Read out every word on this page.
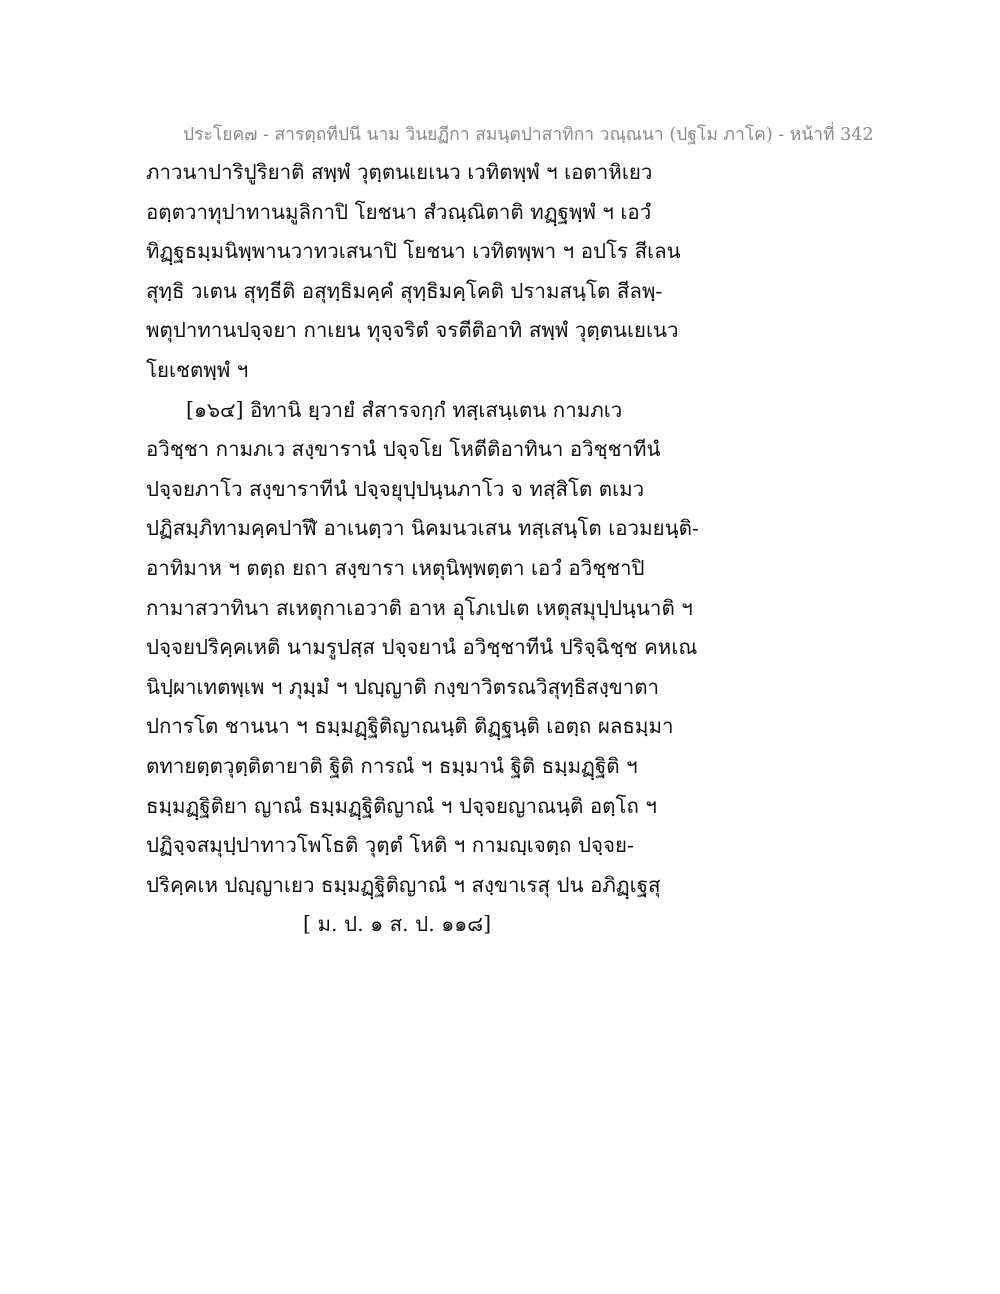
ประโยค๗ - สารตฺถทีปนี นาม วินยฏีกา สมนฺตปาสาทิกา วณฺณนา (ปฐโม ภาโค) - หน้าที่ 342
ภาวนาปาริปูริยาติ สพฺพํ วุตฺตนเยเนว เวทิตพฺพํ ฯ เอตาหิเยว
อตฺตวาทุปาทานมูลิกาปิ โยชนา สํวณฺณิตาติ ทฏฺฐพฺพํ ฯ เอวํ
ทิฏฺฐธมฺมนิพฺพานวาทวเสนาปิ โยชนา เวทิตพฺพา ฯ อปโร สีเลน
สุทฺธิ วเตน สุทฺธีติ อสุทฺธิมคฺคํ สุทฺธิมคฺโคติ ปรามสนฺโต สีลพฺ-
พตุปาทานปจฺจยา กาเยน ทุจฺจริตํ จรตีติอาทิ สพฺพํ วุตฺตนเยเนว
โยเชตพฺพํ ฯ
[๑๖๔] อิทานิ ยฺวายํ สํสารจกฺกํ ทสฺเสนฺเตน กามภเว
อวิชฺชา กามภเว สงฺขารานํ ปจฺจโย โหตีติอาทินา อวิชฺชาทีนํ
ปจฺจยภาโว สงฺขาราทีนํ ปจฺจยุปฺปนฺนภาโว จ ทสฺสิโต ตเมว
ปฏิสมฺภิทามคฺคปาฬึ อาเนตฺวา นิคมนวเสน ทสฺเสนฺโต เอวมยนฺติ-
อาทิมาห ฯ ตตฺถ ยถา สงฺขารา เหตุนิพฺพตฺตา เอวํ อวิชฺชาปิ
กามาสวาทินา สเหตุกาเอวาติ อาห อุโภเปเต เหตุสมุปฺปนฺนาติ ฯ
ปจฺจยปริคฺคเหติ นามรูปสฺส ปจฺจยานํ อวิชฺชาทีนํ ปริจฺฉิชฺช คหเณ
นิปฺผาเทตพฺเพ ฯ ภุมฺมํ ฯ ปญฺญาติ กงฺขาวิตรณวิสุทฺธิสงฺขาตา
ปการโต ชานนา ฯ ธมฺมฏฺฐิติญาณนฺติ ติฏฺฐนฺติ เอตฺถ ผลธมฺมา
ตทายตฺตวุตฺติตายาติ ฐิติ การณํ ฯ ธมฺมานํ ฐิติ ธมฺมฏฺฐิติ ฯ
ธมฺมฏฺฐิติยา ญาณํ ธมฺมฏฺฐิติญาณํ ฯ ปจฺจยญาณนฺติ อตฺโถ ฯ
ปฏิจฺจสมุปฺปาทาวโพโธติ วุตฺตํ โหติ ฯ กามญฺเจตฺถ ปจฺจย-
ปริคฺคเห ปญฺญาเยว ธมฺมฏฺฐิติญาณํ ฯ สงฺขาเรสุ ปน อภิฏฺเฐสุ
[ ม. ป. ๑ ส. ป. ๑๑๘]
